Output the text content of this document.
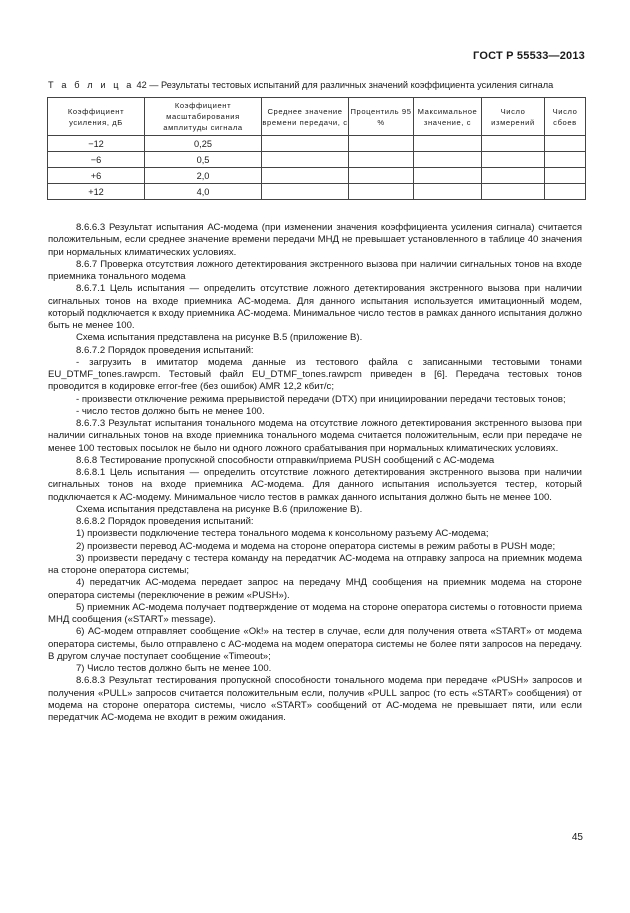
ГОСТ Р 55533—2013
Т а б л и ц а 42 — Результаты тестовых испытаний для различных значений коэффициента усиления сигнала
Коэффициент усиления, дБ	Коэффициент масштабирования амплитуды сигнала	Среднее значение времени передачи, с	Процентиль 95 %	Максимальное значение, с	Число измерений	Число сбоев
−12	0,25					
−6	0,5					
+6	2,0					
+12	4,0					

8.6.6.3 Результат испытания АС-модема (при изменении значения коэффициента усиления сигнала) считается положительным, если среднее значение времени передачи МНД не превышает установленного в таблице 40 значения при нормальных климатических условиях.

8.6.7 Проверка отсутствия ложного детектирования экстренного вызова при наличии сигнальных тонов на входе приемника тонального модема

8.6.7.1 Цель испытания — определить отсутствие ложного детектирования экстренного вызова при наличии сигнальных тонов на входе приемника АС-модема. Для данного испытания используется имитационный модем, который подключается к входу приемника АС-модема. Минимальное число тестов в рамках данного испытания должно быть не менее 100.

Схема испытания представлена на рисунке В.5 (приложение В).

8.6.7.2 Порядок проведения испытаний:

- загрузить в имитатор модема данные из тестового файла с записанными тестовыми тонами EU_DTMF_tones.rawpcm. Тестовый файл EU_DTMF_tones.rawpcm приведен в [6]. Передача тестовых тонов проводится в кодировке error-free (без ошибок) AMR 12,2 кбит/с;

- произвести отключение режима прерывистой передачи (DTX) при инициировании передачи тестовых тонов;

- число тестов должно быть не менее 100.

8.6.7.3 Результат испытания тонального модема на отсутствие ложного детектирования экстренного вызова при наличии сигнальных тонов на входе приемника тонального модема считается положительным, если при передаче не менее 100 тестовых посылок не было ни одного ложного срабатывания при нормальных климатических условиях.

8.6.8 Тестирование пропускной способности отправки/приема PUSH сообщений с АС-модема

8.6.8.1 Цель испытания — определить отсутствие ложного детектирования экстренного вызова при наличии сигнальных тонов на входе приемника АС-модема. Для данного испытания используется тестер, который подключается к АС-модему. Минимальное число тестов в рамках данного испытания должно быть не менее 100.

Схема испытания представлена на рисунке В.6 (приложение В).

8.6.8.2 Порядок проведения испытаний:

1) произвести подключение тестера тонального модема к консольному разъему АС-модема;

2) произвести перевод АС-модема и модема на стороне оператора системы в режим работы в PUSH моде;

3) произвести передачу с тестера команду на передатчик АС-модема на отправку запроса на приемник модема на стороне оператора системы;

4) передатчик АС-модема передает запрос на передачу МНД сообщения на приемник модема на стороне оператора системы (переключение в режим «PUSH»).

5) приемник АС-модема получает подтверждение от модема на стороне оператора системы о готовности приема МНД сообщения («START» message).

6) АС-модем отправляет сообщение «Ok!» на тестер в случае, если для получения ответа «START» от модема оператора системы, было отправлено с АС-модема на модем оператора системы не более пяти запросов на передачу. В другом случае поступает сообщение «Timeout»;

7) Число тестов должно быть не менее 100.

8.6.8.3 Результат тестирования пропускной способности тонального модема при передаче «PUSH» запросов и получения «PULL» запросов считается положительным если, получив «PULL запрос (то есть «START» сообщения) от модема на стороне оператора системы, число «START» сообщений от АС-модема не превышает пяти, или если передатчик АС-модема не входит в режим ожидания.

45
